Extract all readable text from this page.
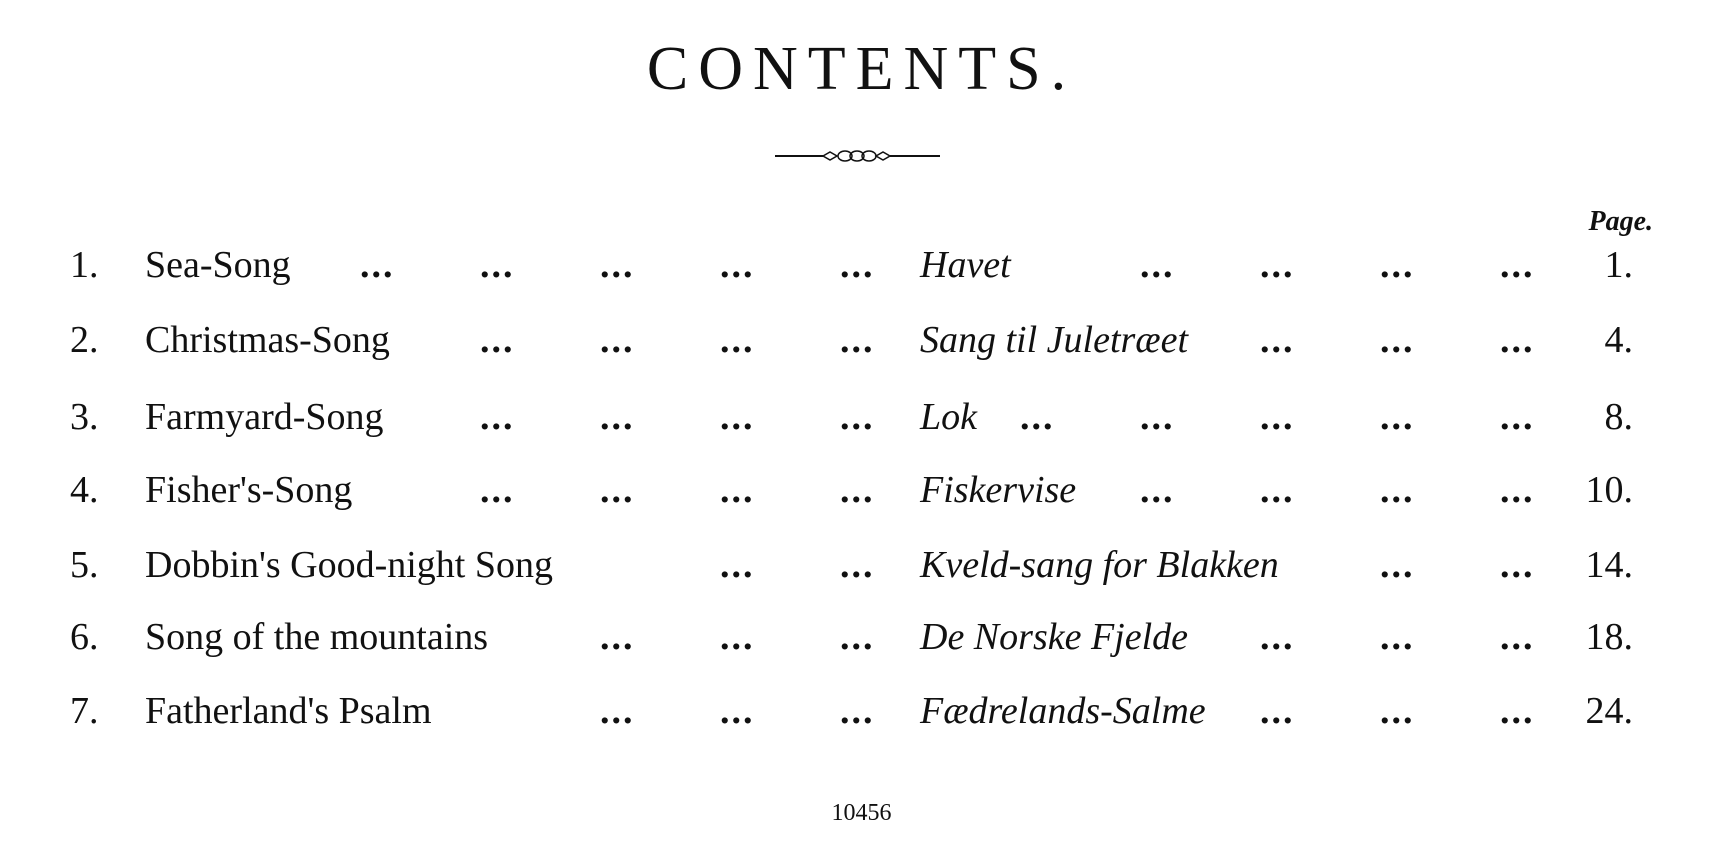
CONTENTS.
Page.
1.	Sea-Song	Havet	1.
... ... ... ... ...	... ... ... ...
2.	Christmas-Song	Sang til Juletræet	4.
... ... ... ...	... ... ...
3.	Farmyard-Song	Lok	8.
... ... ... ...	... ... ... ... ...
4.	Fisher's-Song	Fiskervise	10.
... ... ... ...	... ... ... ...
5.	Dobbin's Good-night Song	Kveld-sang for Blakken	14.
... ...	... ...
6.	Song of the mountains	De Norske Fjelde	18.
... ... ...	... ... ...
7.	Fatherland's Psalm	Fædrelands-Salme	24.
... ... ...	... ... ...
10456
